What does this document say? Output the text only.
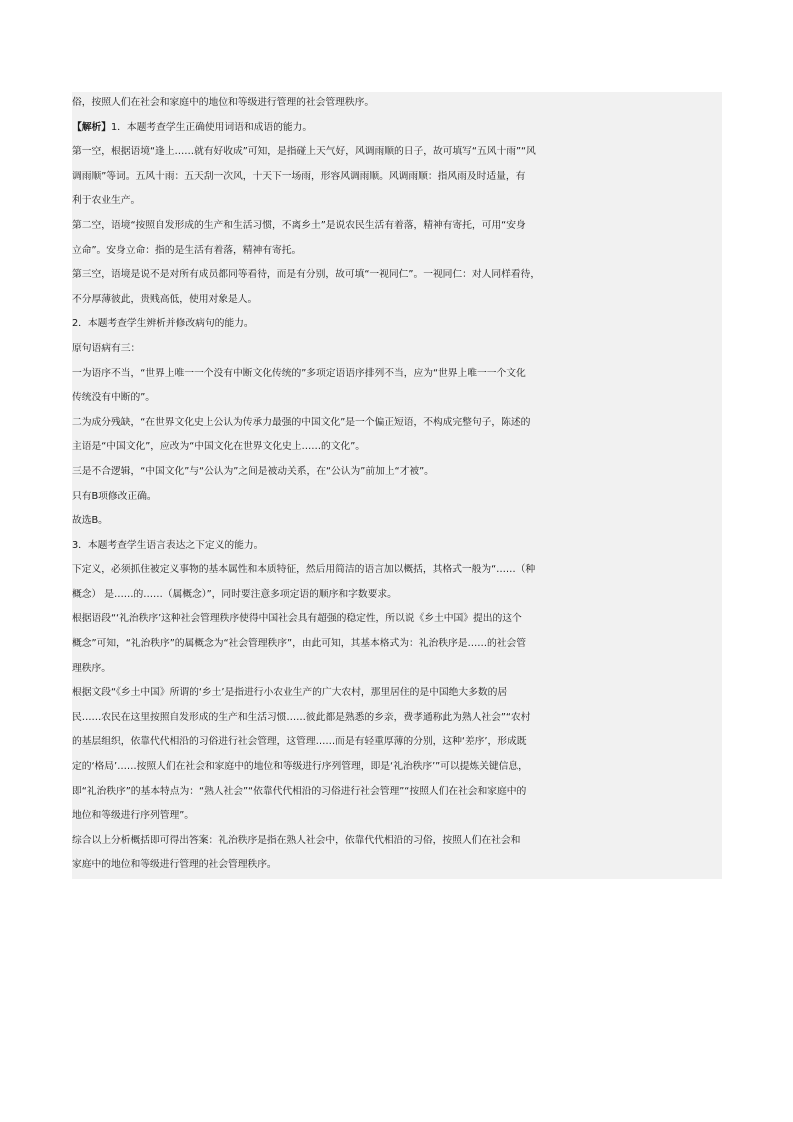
俗，按照人们在社会和家庭中的地位和等级进行管理的社会管理秩序。

【解析】1．本题考查学生正确使用词语和成语的能力。

第一空，根据语境“逢上……就有好收成”可知，是指碰上天气好，风调雨顺的日子，故可填写“五风十雨”“风

调雨顺”等词。五风十雨：五天刮一次风，十天下一场雨，形容风调雨顺。风调雨顺：指风雨及时适量，有

利于农业生产。

第二空，语境“按照自发形成的生产和生活习惯，不离乡土”是说农民生活有着落，精神有寄托，可用“安身

立命”。安身立命：指的是生活有着落，精神有寄托。

第三空，语境是说不是对所有成员都同等看待，而是有分别，故可填“一视同仁”。一视同仁：对人同样看待，

不分厚薄彼此，贵贱高低，使用对象是人。

2．本题考查学生辨析并修改病句的能力。

原句语病有三：

一为语序不当，“世界上唯一一个没有中断文化传统的”多项定语语序排列不当，应为“世界上唯一一个文化

传统没有中断的”。

二为成分残缺，“在世界文化史上公认为传承力最强的中国文化”是一个偏正短语，不构成完整句子，陈述的

主语是“中国文化”，应改为“中国文化在世界文化史上……的文化”。

三是不合逻辑，“中国文化”与“公认为”之间是被动关系，在“公认为”前加上“才被”。

只有B项修改正确。

故选B。

3．本题考查学生语言表达之下定义的能力。

下定义，必须抓住被定义事物的基本属性和本质特征，然后用简洁的语言加以概括，其格式一般为“……（种

概念） 是……的……（属概念）”，同时要注意多项定语的顺序和字数要求。

根据语段“‘礼治秩序’这种社会管理秩序使得中国社会具有超强的稳定性，所以说《乡土中国》提出的这个

概念”可知，“礼治秩序”的属概念为“社会管理秩序”，由此可知，其基本格式为：礼治秩序是……的社会管

理秩序。

根据文段“《乡土中国》所谓的‘乡土’是指进行小农业生产的广大农村，那里居住的是中国绝大多数的居

民……农民在这里按照自发形成的生产和生活习惯……彼此都是熟悉的乡亲，费孝通称此为熟人社会”“农村

的基层组织，依靠代代相沿的习俗进行社会管理，这管理……而是有轻重厚薄的分别，这种‘差序’，形成既

定的‘格局’……按照人们在社会和家庭中的地位和等级进行序列管理，即是‘礼治秩序’”可以提炼关键信息，

即“礼治秩序”的基本特点为：“熟人社会”“依靠代代相沿的习俗进行社会管理”“按照人们在社会和家庭中的

地位和等级进行序列管理”。

综合以上分析概括即可得出答案：礼治秩序是指在熟人社会中，依靠代代相沿的习俗，按照人们在社会和

家庭中的地位和等级进行管理的社会管理秩序。
